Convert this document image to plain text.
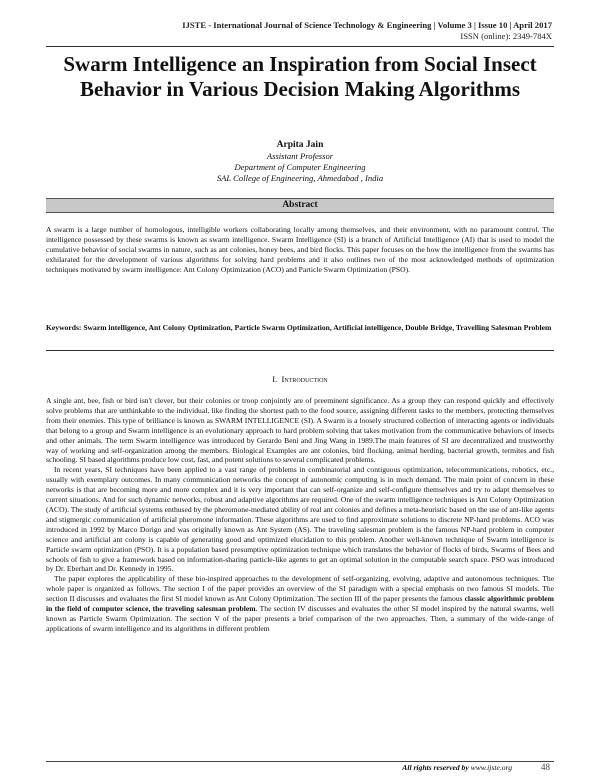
IJSTE - International Journal of Science Technology & Engineering | Volume 3 | Issue 10 | April 2017
ISSN (online): 2349-784X
Swarm Intelligence an Inspiration from Social Insect Behavior in Various Decision Making Algorithms
Arpita Jain
Assistant Professor
Department of Computer Engineering
SAL College of Engineering, Ahmedabad , India
Abstract
A swarm is a large number of homologous, intelligible workers collaborating locally among themselves, and their environment, with no paramount control. The intelligence possessed by these swarms is known as swarm intelligence. Swarm Intelligence (SI) is a branch of Artificial Intelligence (AI) that is used to model the cumulative behavior of social swarms in nature, such as ant colonies, honey bees, and bird flocks. This paper focuses on the how the intelligence from the swarms has exhilarated for the development of various algorithms for solving hard problems and it also outlines two of the most acknowledged methods of optimization techniques motivated by swarm intelligence: Ant Colony Optimization (ACO) and Particle Swarm Optimization (PSO).
Keywords: Swarm intelligence, Ant Colony Optimization, Particle Swarm Optimization, Artificial intelligence, Double Bridge, Travelling Salesman Problem
I. Introduction

A single ant, bee, fish or bird isn't clever, but their colonies or troop conjointly are of preeminent significance. As a group they can respond quickly and effectively solve problems that are unthinkable to the individual, like finding the shortest path to the food source, assigning different tasks to the members, protecting themselves from their enemies. This type of brilliance is known as SWARM INTELLIGENCE (SI). A Swarm is a loosely structured collection of interacting agents or individuals that belong to a group and Swarm intelligence is an evolutionary approach to hard problem solving that takes motivation from the communicative behaviors of insects and other animals. The term Swarm intelligence was introduced by Gerardo Beni and Jing Wang in 1989.The main features of SI are decentralized and trustworthy way of working and self-organization among the members. Biological Examples are ant colonies, bird flocking, animal herding, bacterial growth, termites and fish schooling. SI based algorithms produce low cost, fast, and potent solutions to several complicated problems.

In recent years, SI techniques have been applied to a vast range of problems in combinatorial and contiguous optimization, telecommunications, robotics, etc., usually with exemplary outcomes. In many communication networks the concept of autonomic computing is in much demand. The main point of concern in these networks is that are becoming more and more complex and it is very important that can self-organize and self-configure themselves and try to adapt themselves to current situations. And for such dynamic networks, robust and adaptive algorithms are required. One of the swarm intelligence techniques is Ant Colony Optimization (ACO). The study of artificial systems enthused by the pheromone-mediated ability of real ant colonies and defines a meta-heuristic based on the use of ant-like agents and stigmergic communication of artificial pheromone information. These algorithms are used to find approximate solutions to discrete NP-hard problems. ACO was introduced in 1992 by Marco Dorigo and was originally known as Ant System (AS). The traveling salesman problem is the famous NP-hard problem in computer science and artificial ant colony is capable of generating good and optimized elucidation to this problem. Another well-known technique of Swarm intelligence is Particle swarm optimization (PSO). It is a population based presumptive optimization technique which translates the behavior of flocks of birds, Swarms of Bees and schools of fish to give a framework based on information-sharing particle-like agents to get an optimal solution in the computable search space. PSO was introduced by Dr. Eberhart and Dr. Kennedy in 1995.

The paper explores the applicability of these bio-inspired approaches to the development of self-organizing, evolving, adaptive and autonomous techniques. The whole paper is organized as follows. The section I of the paper provides an overview of the SI paradigm with a special emphasis on two famous SI models. The section II discusses and evaluates the first SI model known as Ant Colony Optimization. The section III of the paper presents the famous classic algorithmic problem in the field of computer science, the traveling salesman problem. The section IV discusses and evaluates the other SI model inspired by the natural swarms, well known as Particle Swarm Optimization. The section V of the paper presents a brief comparison of the two approaches. Then, a summary of the wide-range of applications of swarm intelligence and its algorithms in different problem

All rights reserved by www.ijste.org	48
